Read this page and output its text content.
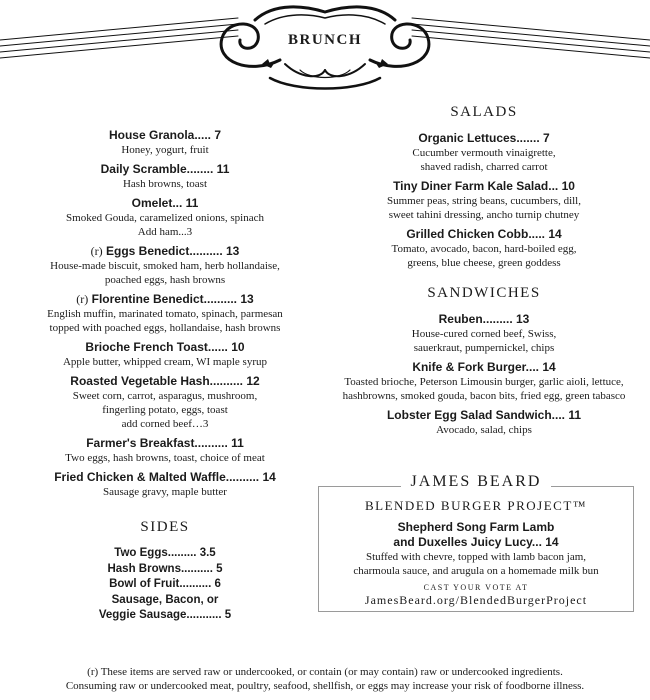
BRUNCH
House Granola..... 7
Honey, yogurt, fruit
Daily Scramble........ 11
Hash browns, toast
Omelet... 11
Smoked Gouda, caramelized onions, spinach
Add ham...3
(r) Eggs Benedict.......... 13
House-made biscuit, smoked ham, herb hollandaise,
poached eggs, hash browns
(r) Florentine Benedict.......... 13
English muffin, marinated tomato, spinach, parmesan
topped with poached eggs, hollandaise, hash browns
Brioche French Toast...... 10
Apple butter, whipped cream, WI maple syrup
Roasted Vegetable Hash.......... 12
Sweet corn, carrot, asparagus, mushroom,
fingerling potato, eggs, toast
add corned beef…3
Farmer's Breakfast.......... 11
Two eggs, hash browns, toast, choice of meat
Fried Chicken & Malted Waffle.......... 14
Sausage gravy, maple butter
SIDES
Two Eggs......... 3.5
Hash Browns.......... 5
Bowl of Fruit.......... 6
Sausage, Bacon, or
Veggie Sausage........... 5
SALADS
Organic Lettuces....... 7
Cucumber vermouth vinaigrette,
shaved radish, charred carrot
Tiny Diner Farm Kale Salad... 10
Summer peas, string beans, cucumbers, dill,
sweet tahini dressing, ancho turnip chutney
Grilled Chicken Cobb..... 14
Tomato, avocado, bacon, hard-boiled egg,
greens, blue cheese, green goddess
SANDWICHES
Reuben......... 13
House-cured corned beef, Swiss,
sauerkraut, pumpernickel, chips
Knife & Fork Burger.... 14
Toasted brioche, Peterson Limousin burger, garlic aioli, lettuce,
hashbrowns, smoked gouda, bacon bits, fried egg, green tabasco
Lobster Egg Salad Sandwich.... 11
Avocado, salad, chips
BLENDED BURGER PROJECT™
Shepherd Song Farm Lamb
and Duxelles Juicy Lucy... 14
Stuffed with chevre, topped with lamb bacon jam,
charmoula sauce, and arugula on a homemade milk bun
CAST YOUR VOTE AT
JamesBeard.org/BlendedBurgerProject
JAMES BEARD
(r) These items are served raw or undercooked, or contain (or may contain) raw or undercooked ingredients.
Consuming raw or undercooked meat, poultry, seafood, shellfish, or eggs may increase your risk of foodborne illness.
